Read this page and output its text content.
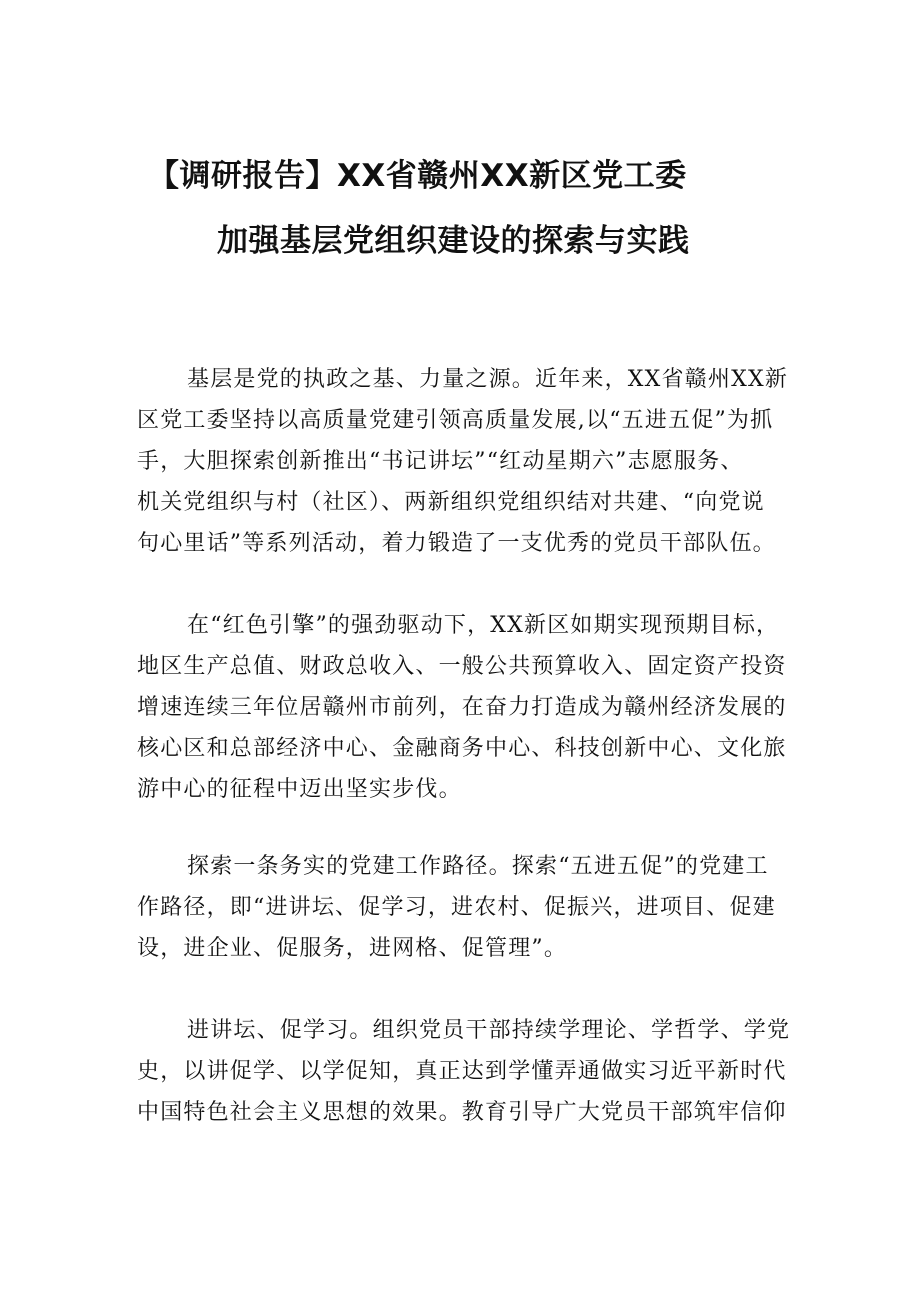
【调研报告】XX省赣州XX新区党工委
加强基层党组织建设的探索与实践
基层是党的执政之基、力量之源。近年来，XX省赣州XX新
区党工委坚持以高质量党建引领高质量发展,以“五进五促”为抓
手，大胆探索创新推出“书记讲坛”“红动星期六”志愿服务、
机关党组织与村（社区）、两新组织党组织结对共建、“向党说
句心里话”等系列活动，着力锻造了一支优秀的党员干部队伍。
在“红色引擎”的强劲驱动下，XX新区如期实现预期目标，
地区生产总值、财政总收入、一般公共预算收入、固定资产投资
增速连续三年位居赣州市前列，在奋力打造成为赣州经济发展的
核心区和总部经济中心、金融商务中心、科技创新中心、文化旅
游中心的征程中迈出坚实步伐。
探索一条务实的党建工作路径。探索“五进五促”的党建工
作路径，即“进讲坛、促学习，进农村、促振兴，进项目、促建
设，进企业、促服务，进网格、促管理”。
进讲坛、促学习。组织党员干部持续学理论、学哲学、学党
史，以讲促学、以学促知，真正达到学懂弄通做实习近平新时代
中国特色社会主义思想的效果。教育引导广大党员干部筑牢信仰
